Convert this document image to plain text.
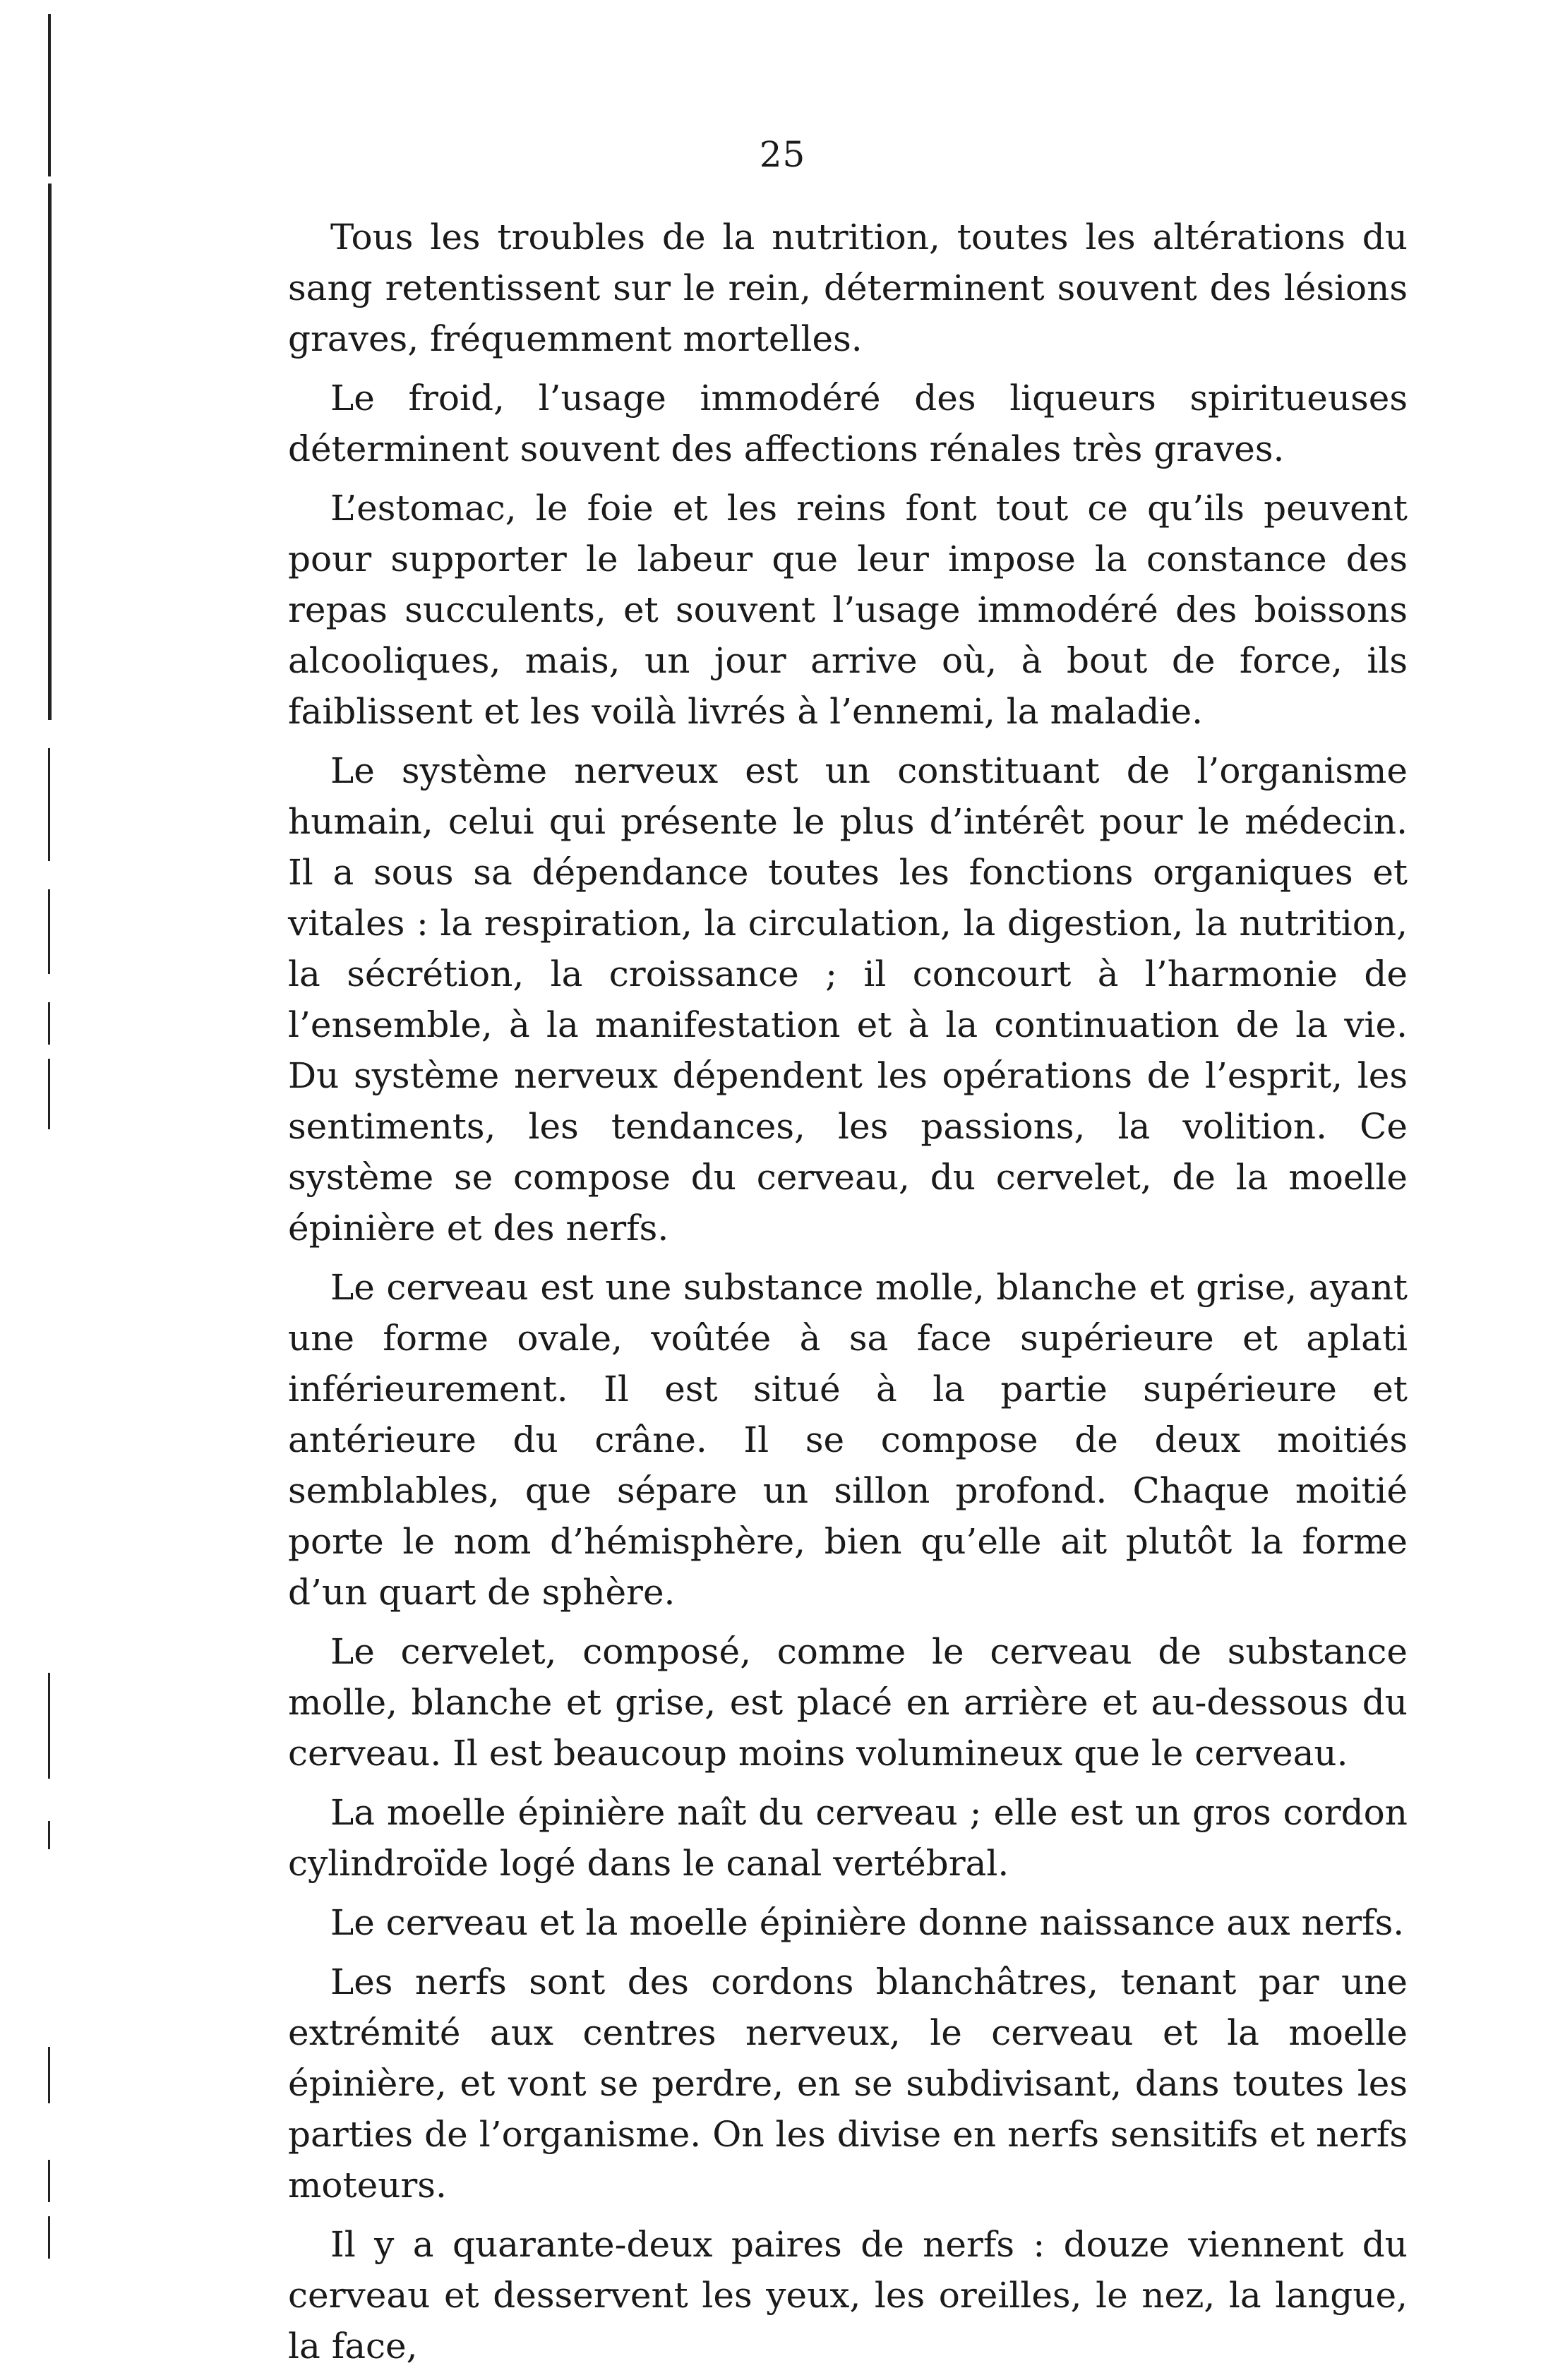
25

Tous les troubles de la nutrition, toutes les altérations du sang retentissent sur le rein, déterminent souvent des lésions graves, fréquemment mortelles.

Le froid, l’usage immodéré des liqueurs spiritueuses déterminent souvent des affections rénales très graves.

L’estomac, le foie et les reins font tout ce qu’ils peuvent pour supporter le labeur que leur impose la constance des repas succulents, et souvent l’usage immodéré des boissons alcooliques, mais, un jour arrive où, à bout de force, ils faiblissent et les voilà livrés à l’ennemi, la maladie.

Le système nerveux est un constituant de l’organisme humain, celui qui présente le plus d’intérêt pour le médecin. Il a sous sa dépendance toutes les fonctions organiques et vitales : la respiration, la circulation, la digestion, la nutrition, la sécrétion, la croissance ; il concourt à l’harmonie de l’ensemble, à la manifestation et à la continuation de la vie. Du système nerveux dépendent les opérations de l’esprit, les sentiments, les tendances, les passions, la volition. Ce système se compose du cerveau, du cervelet, de la moelle épinière et des nerfs.

Le cerveau est une substance molle, blanche et grise, ayant une forme ovale, voûtée à sa face supérieure et aplati inférieurement. Il est situé à la partie supérieure et antérieure du crâne. Il se compose de deux moitiés semblables, que sépare un sillon profond. Chaque moitié porte le nom d’hémisphère, bien qu’elle ait plutôt la forme d’un quart de sphère.

Le cervelet, composé, comme le cerveau de substance molle, blanche et grise, est placé en arrière et au-dessous du cerveau. Il est beaucoup moins volumineux que le cerveau.

La moelle épinière naît du cerveau ; elle est un gros cordon cylindroïde logé dans le canal vertébral.

Le cerveau et la moelle épinière donne naissance aux nerfs.

Les nerfs sont des cordons blanchâtres, tenant par une extrémité aux centres nerveux, le cerveau et la moelle épinière, et vont se perdre, en se subdivisant, dans toutes les parties de l’organisme. On les divise en nerfs sensitifs et nerfs moteurs.

Il y a quarante-deux paires de nerfs : douze viennent du cerveau et desservent les yeux, les oreilles, le nez, la langue, la face,
